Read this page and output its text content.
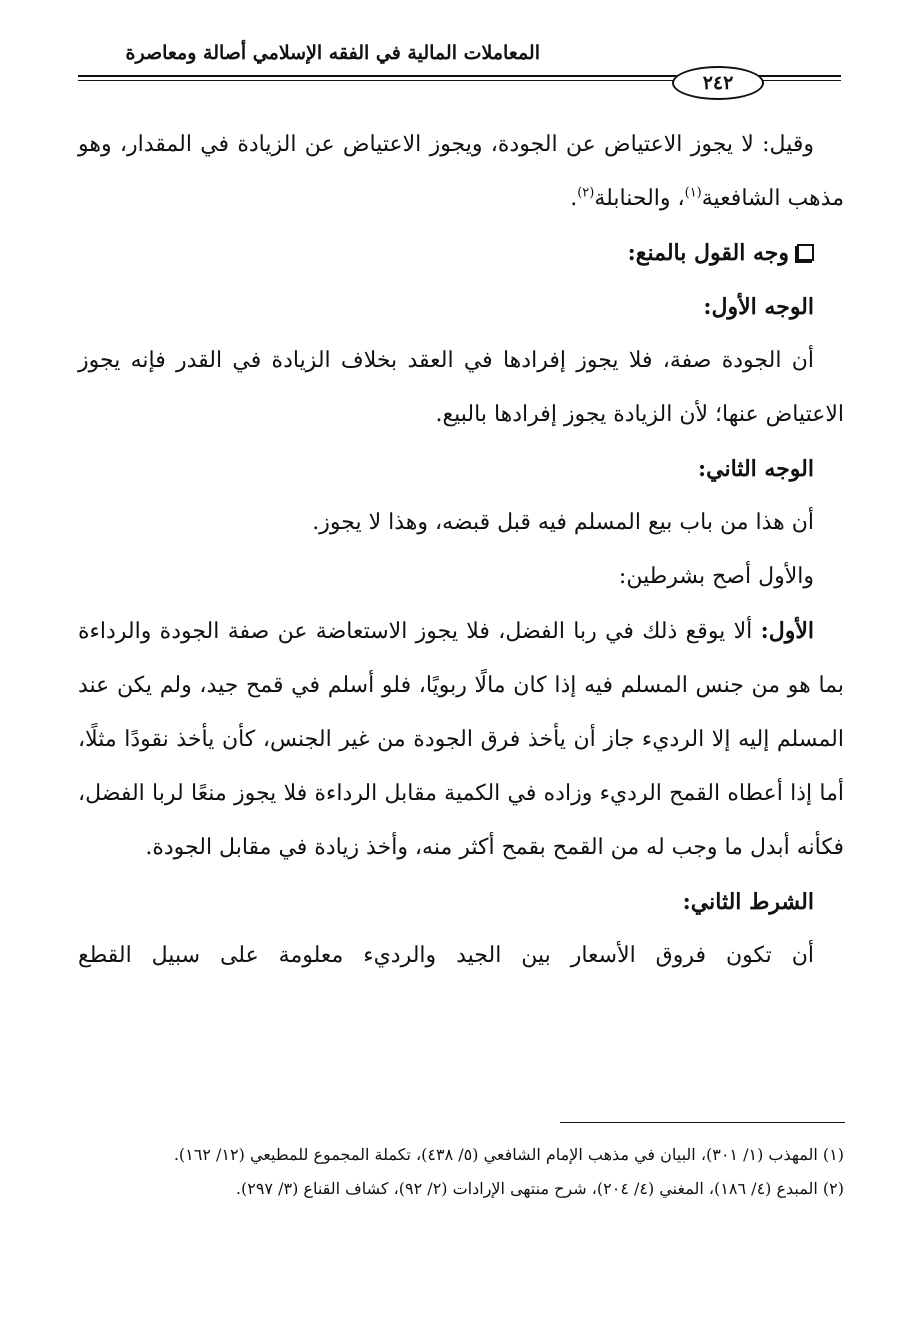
المعاملات المالية في الفقه الإسلامي أصالة ومعاصرة
٢٤٢

وقيل: لا يجوز الاعتياض عن الجودة، ويجوز الاعتياض عن الزيادة في المقدار، وهو مذهب الشافعية$^{(١)}$، والحنابلة$^{(٢)}$.

وجه القول بالمنع:

الوجه الأول:

أن الجودة صفة، فلا يجوز إفرادها في العقد بخلاف الزيادة في القدر فإنه يجوز الاعتياض عنها؛ لأن الزيادة يجوز إفرادها بالبيع.

الوجه الثاني:

أن هذا من باب بيع المسلم فيه قبل قبضه، وهذا لا يجوز.

والأول أصح بشرطين:

الأول: ألا يوقع ذلك في ربا الفضل، فلا يجوز الاستعاضة عن صفة الجودة والرداءة بما هو من جنس المسلم فيه إذا كان مالًا ربويًا، فلو أسلم في قمح جيد، ولم يكن عند المسلم إليه إلا الرديء جاز أن يأخذ فرق الجودة من غير الجنس، كأن يأخذ نقودًا مثلًا، أما إذا أعطاه القمح الرديء وزاده في الكمية مقابل الرداءة فلا يجوز منعًا لربا الفضل، فكأنه أبدل ما وجب له من القمح بقمح أكثر منه، وأخذ زيادة في مقابل الجودة.

الشرط الثاني:

أن تكون فروق الأسعار بين الجيد والرديء معلومة على سبيل القطع

(١) المهذب (١/ ٣٠١)، البيان في مذهب الإمام الشافعي (٥/ ٤٣٨)، تكملة المجموع للمطيعي (١٢/ ١٦٢).

(٢) المبدع (٤/ ١٨٦)، المغني (٤/ ٢٠٤)، شرح منتهى الإرادات (٢/ ٩٢)، كشاف القناع (٣/ ٢٩٧).
